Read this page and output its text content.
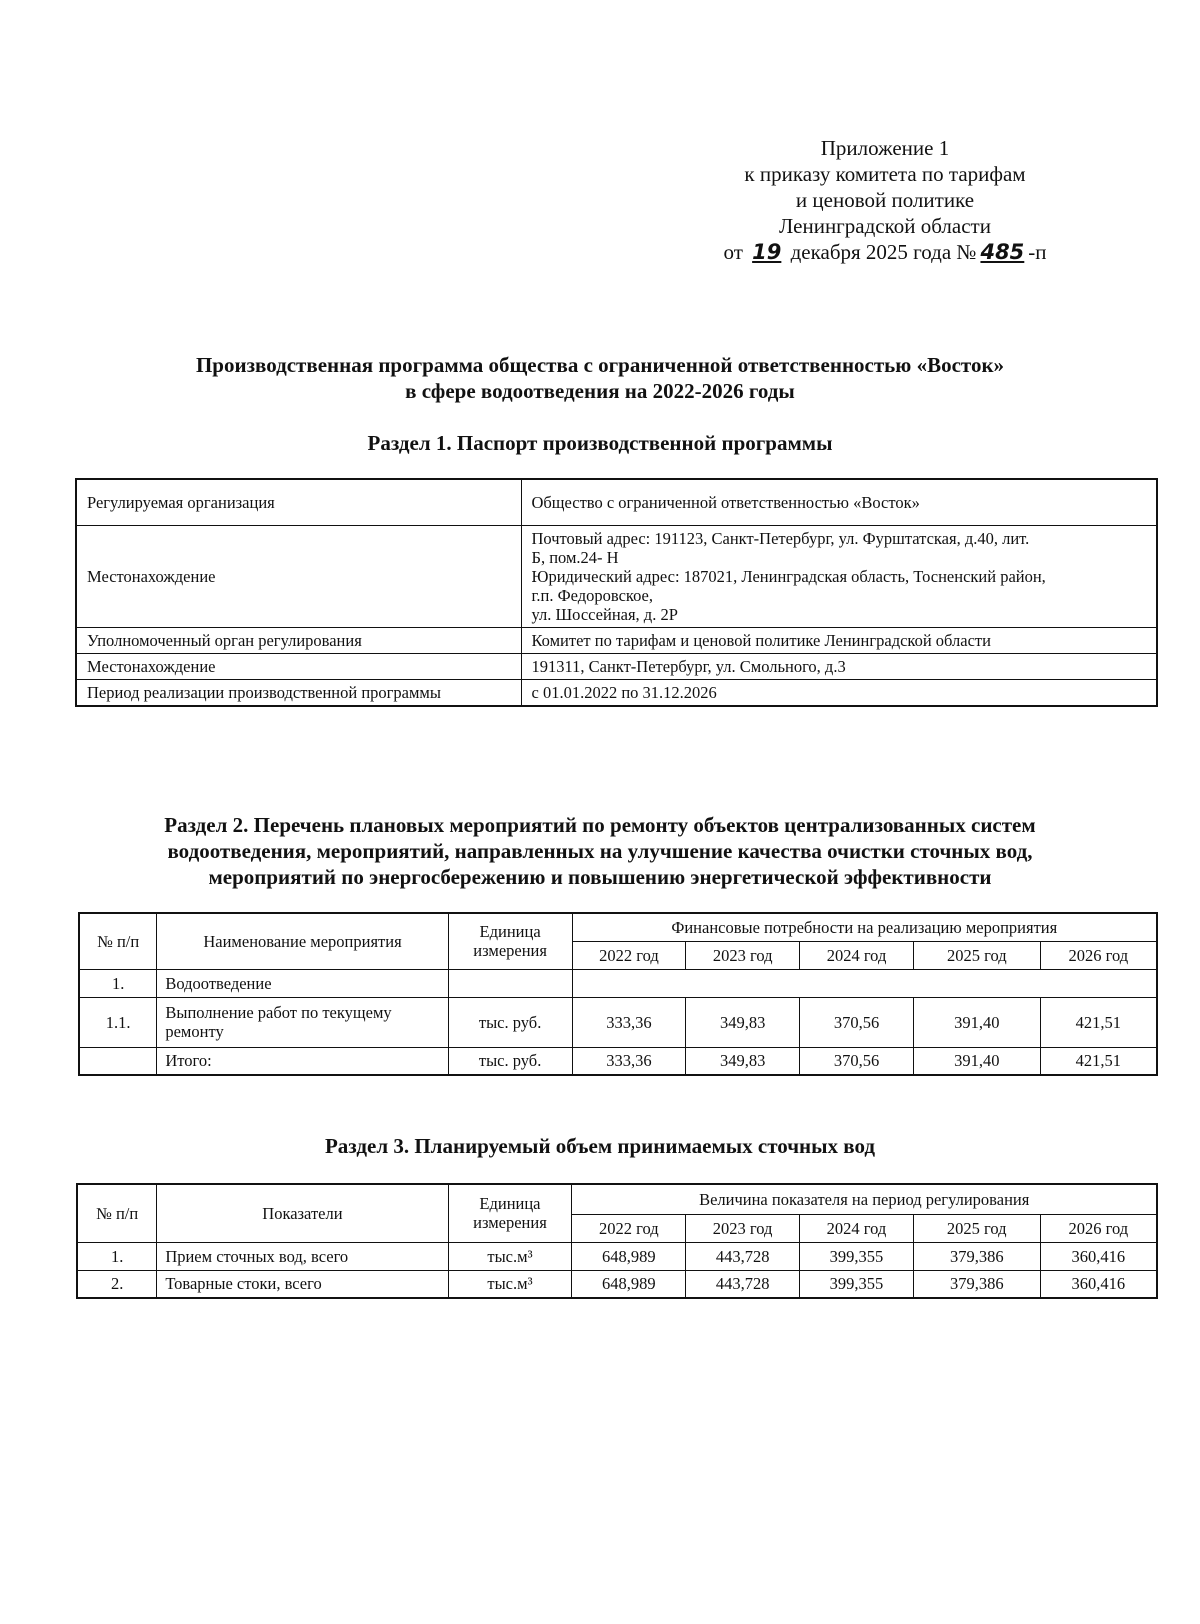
Приложение 1
к приказу комитета по тарифам
и ценовой политике
Ленинградской области
от 19 декабря 2025 года № 485 -п
Производственная программа общества с ограниченной ответственностью «Восток»
в сфере водоотведения на 2022-2026 годы
Раздел 1. Паспорт производственной программы
Регулируемая организация	Общество с ограниченной ответственностью «Восток»

Местонахождение	Почтовый адрес: 191123, Санкт-Петербург, ул. Фурштатская, д.40, лит.
Б, пом.24- Н
Юридический адрес: 187021, Ленинградская область, Тосненский район,
г.п. Федоровское,
ул. Шоссейная, д. 2Р

Уполномоченный орган регулирования	Комитет по тарифам и ценовой политике Ленинградской области

Местонахождение	191311, Санкт-Петербург, ул. Смольного, д.3

Период реализации производственной программы	с 01.01.2022 по 31.12.2026
Раздел 2. Перечень плановых мероприятий по ремонту объектов централизованных систем
водоотведения, мероприятий, направленных на улучшение качества очистки сточных вод,
мероприятий по энергосбережению и повышению энергетической эффективности
№ п/п	Наименование мероприятия	Единица измерения	Финансовые потребности на реализацию мероприятия				
			2022 год	2023 год	2024 год	2025 год	2026 год
1.	Водоотведение						
1.1.	Выполнение работ по текущему ремонту	тыс. руб.	333,36	349,83	370,56	391,40	421,51
	Итого:	тыс. руб.	333,36	349,83	370,56	391,40	421,51
Раздел 3. Планируемый объем принимаемых сточных вод
№ п/п	Показатели	Единица измерения	Величина показателя на период регулирования				
			2022 год	2023 год	2024 год	2025 год	2026 год
1.	Прием сточных вод, всего	тыс.м³	648,989	443,728	399,355	379,386	360,416
2.	Товарные стоки, всего	тыс.м³	648,989	443,728	399,355	379,386	360,416
